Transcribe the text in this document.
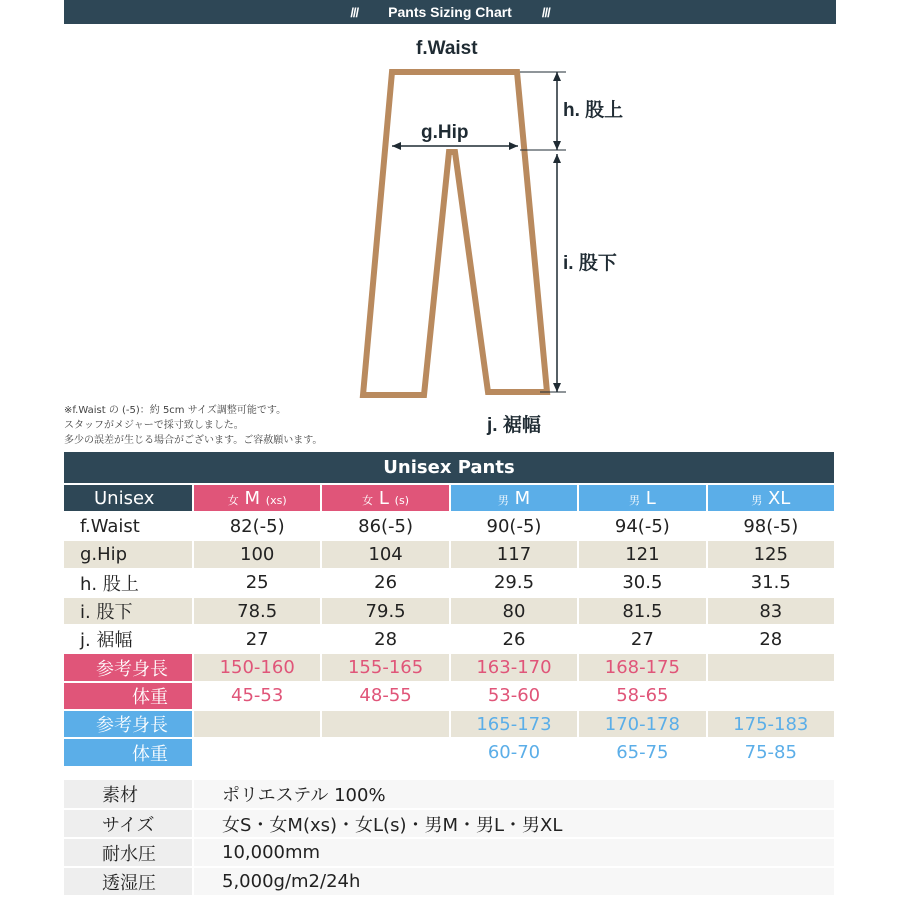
/// Pants Sizing Chart ///
f.Waist
h. 股上
g.Hip
i. 股下
j. 裾幅
※f.Waist の (-5)：約 5cm サイズ調整可能です。
スタッフがメジャーで採寸致しました。
多少の誤差が生じる場合がございます。ご容赦願います。
Unisex Pants					
Unisex	女 M (xs)	女 L (s)	男 M	男 L	男 XL
f.Waist	82(-5)	86(-5)	90(-5)	94(-5)	98(-5)
g.Hip	100	104	117	121	125
h. 股上	25	26	29.5	30.5	31.5
i. 股下	78.5	79.5	80	81.5	83
j. 裾幅	27	28	26	27	28
参考身長	150-160	155-165	163-170	168-175	
体重	45-53	48-55	53-60	58-65	
参考身長			165-173	170-178	175-183
体重			60-70	65-75	75-85
素材	ポリエステル 100%
サイズ	女S・女M(xs)・女L(s)・男M・男L・男XL
耐水圧	10,000mm
透湿圧	5,000g/m2/24h
